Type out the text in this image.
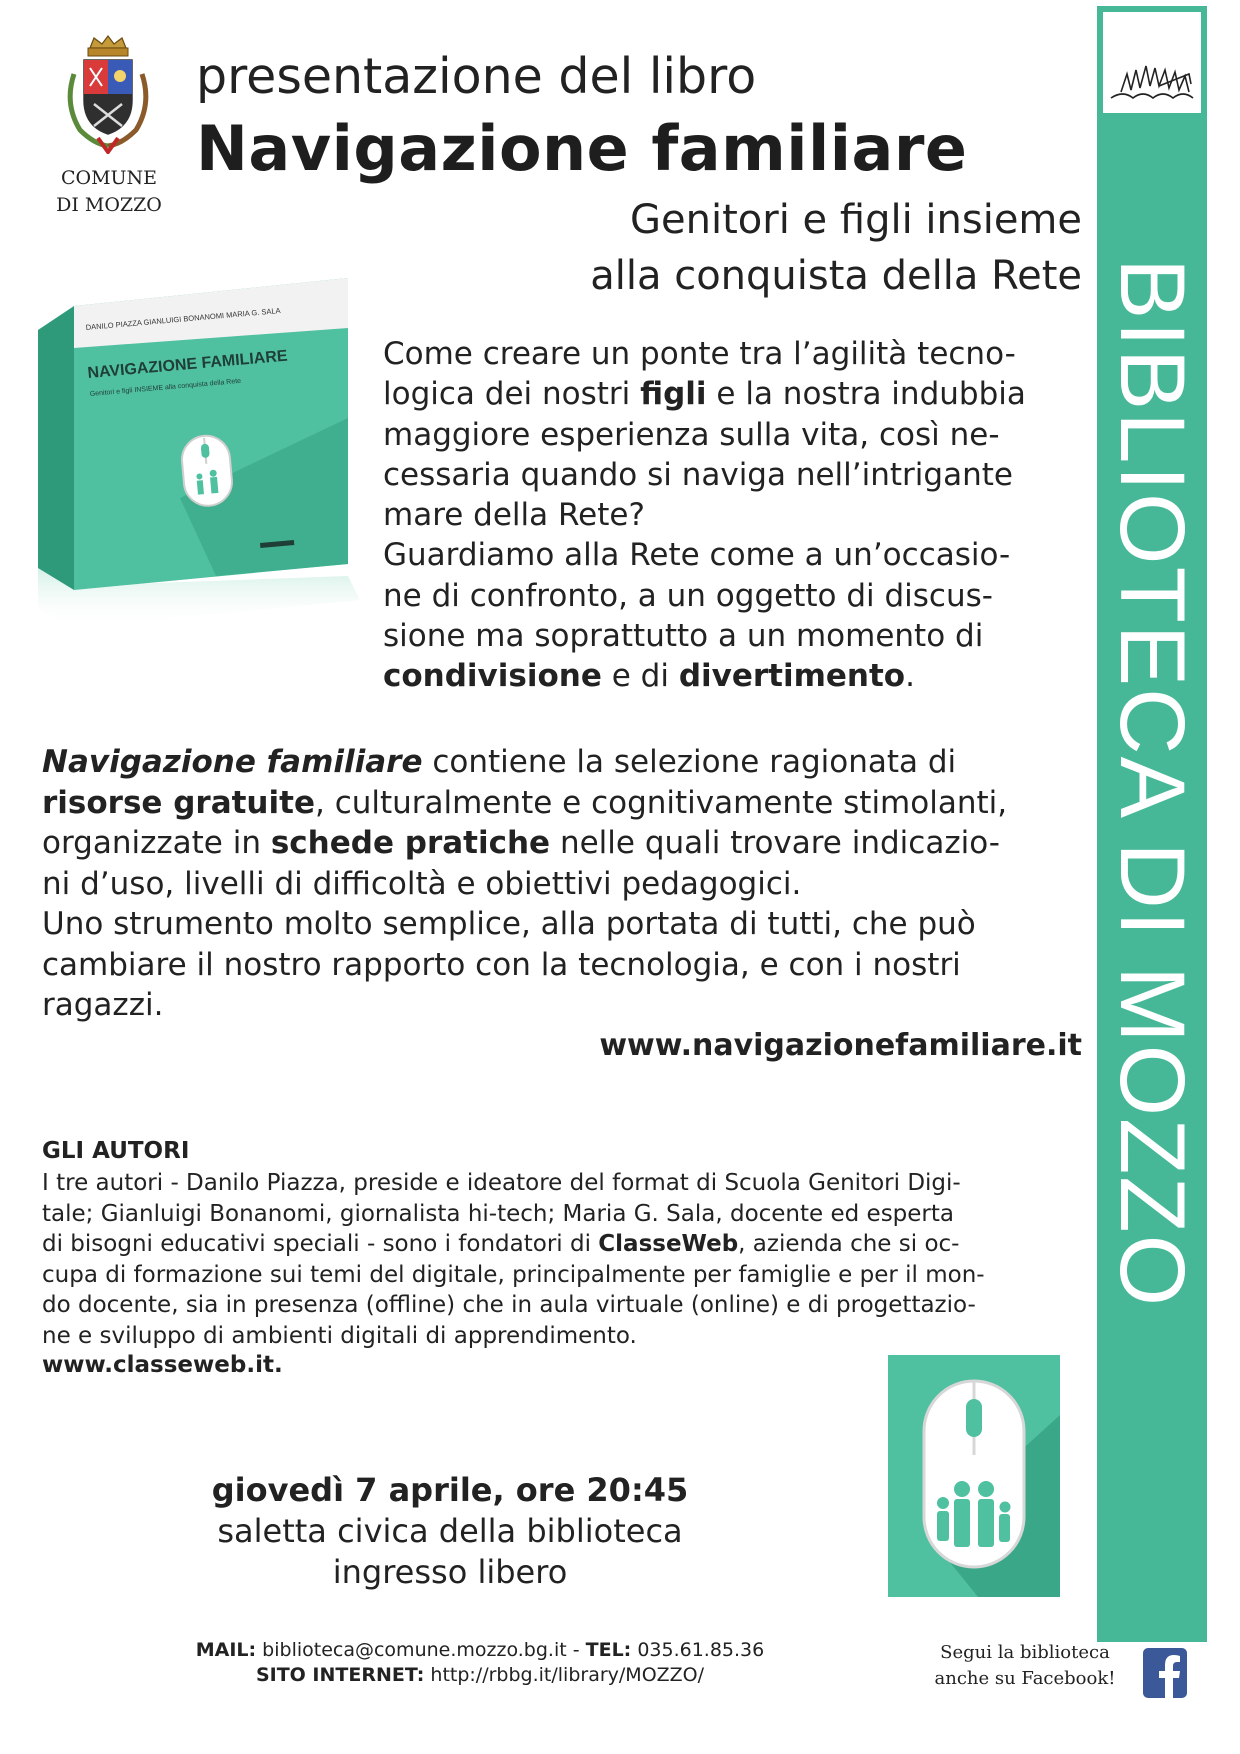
BIBLIOTECA DI MOZZO
COMUNE
DI MOZZO
presentazione del libro
Navigazione familiare
Genitori e figli insieme
alla conquista della Rete
DANILO PIAZZA GIANLUIGI BONANOMI MARIA G. SALA
NAVIGAZIONE FAMILIARE
Genitori e figli INSIEME alla conquista della Rete
Come creare un ponte tra l’agilità tecno-
logica dei nostri figli e la nostra indubbia
maggiore esperienza sulla vita, così ne-
cessaria quando si naviga nell’intrigante
mare della Rete?
Guardiamo alla Rete come a un’occasio-
ne di confronto, a un oggetto di discus-
sione ma soprattutto a un momento di
condivisione e di divertimento.
Navigazione familiare contiene la selezione ragionata di
risorse gratuite, culturalmente e cognitivamente stimolanti,
organizzate in schede pratiche nelle quali trovare indicazio-
ni d’uso, livelli di difficoltà e obiettivi pedagogici.
Uno strumento molto semplice, alla portata di tutti, che può
cambiare il nostro rapporto con la tecnologia, e con i nostri
ragazzi.
www.navigazionefamiliare.it
GLI AUTORI
I tre autori - Danilo Piazza, preside e ideatore del format di Scuola Genitori Digi-
tale; Gianluigi Bonanomi, giornalista hi-tech; Maria G. Sala, docente ed esperta
di bisogni educativi speciali - sono i fondatori di ClasseWeb, azienda che si oc-
cupa di formazione sui temi del digitale, principalmente per famiglie e per il mon-
do docente, sia in presenza (offline) che in aula virtuale (online) e di progettazio-
ne e sviluppo di ambienti digitali di apprendimento.
www.classeweb.it.
giovedì 7 aprile, ore 20:45
saletta civica della biblioteca
ingresso libero
MAIL: biblioteca@comune.mozzo.bg.it - TEL: 035.61.85.36
SITO INTERNET: http://rbbg.it/library/MOZZO/
Segui la biblioteca
anche su Facebook!
